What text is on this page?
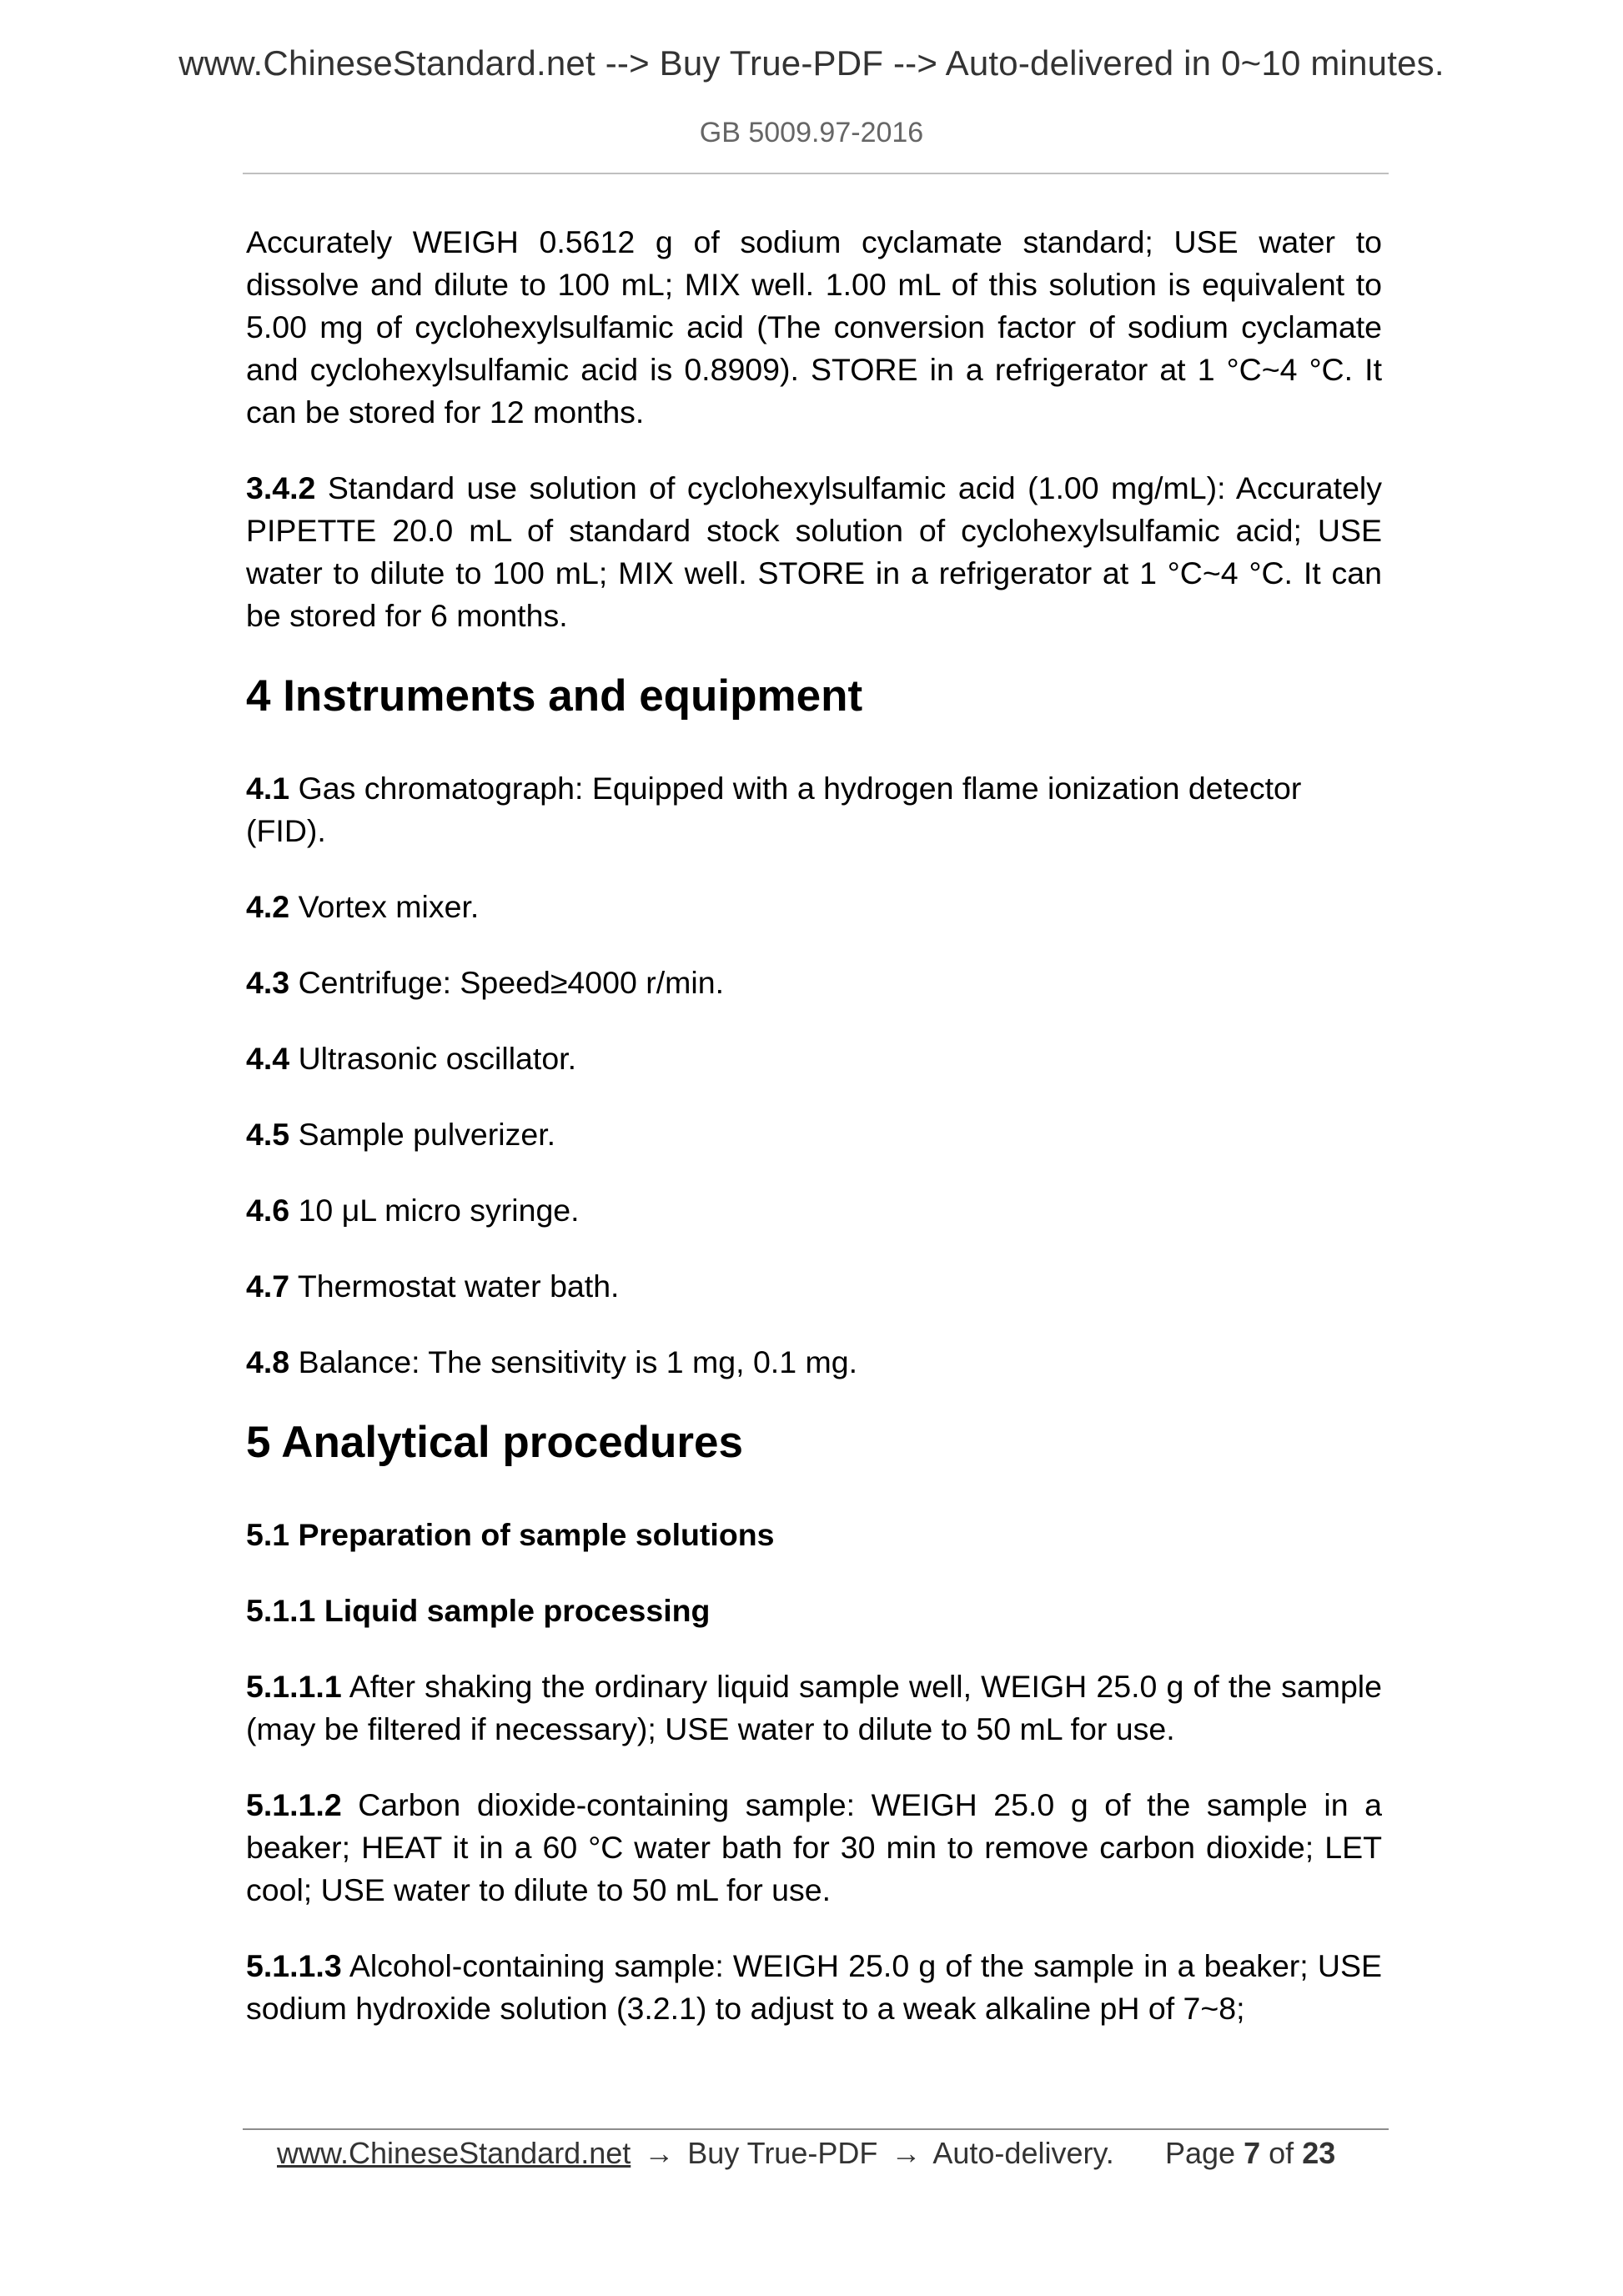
www.ChineseStandard.net --> Buy True-PDF --> Auto-delivered in 0~10 minutes.
GB 5009.97-2016

Accurately WEIGH 0.5612 g of sodium cyclamate standard; USE water to dissolve and dilute to 100 mL; MIX well. 1.00 mL of this solution is equivalent to 5.00 mg of cyclohexylsulfamic acid (The conversion factor of sodium cyclamate and cyclohexylsulfamic acid is 0.8909). STORE in a refrigerator at 1 °C~4 °C. It can be stored for 12 months.

3.4.2 Standard use solution of cyclohexylsulfamic acid (1.00 mg/mL): Accurately PIPETTE 20.0 mL of standard stock solution of cyclohexylsulfamic acid; USE water to dilute to 100 mL; MIX well. STORE in a refrigerator at 1 °C~4 °C. It can be stored for 6 months.

4 Instruments and equipment

4.1 Gas chromatograph: Equipped with a hydrogen flame ionization detector (FID).

4.2 Vortex mixer.

4.3 Centrifuge: Speed≥4000 r/min.

4.4 Ultrasonic oscillator.

4.5 Sample pulverizer.

4.6 10 μL micro syringe.

4.7 Thermostat water bath.

4.8 Balance: The sensitivity is 1 mg, 0.1 mg.

5 Analytical procedures
5.1 Preparation of sample solutions
5.1.1 Liquid sample processing

5.1.1.1 After shaking the ordinary liquid sample well, WEIGH 25.0 g of the sample (may be filtered if necessary); USE water to dilute to 50 mL for use.

5.1.1.2 Carbon dioxide-containing sample: WEIGH 25.0 g of the sample in a beaker; HEAT it in a 60 °C water bath for 30 min to remove carbon dioxide; LET cool; USE water to dilute to 50 mL for use.

5.1.1.3 Alcohol-containing sample: WEIGH 25.0 g of the sample in a beaker; USE sodium hydroxide solution (3.2.1) to adjust to a weak alkaline pH of 7~8;

www.ChineseStandard.net → Buy True-PDF → Auto-delivery. Page 7 of 23
